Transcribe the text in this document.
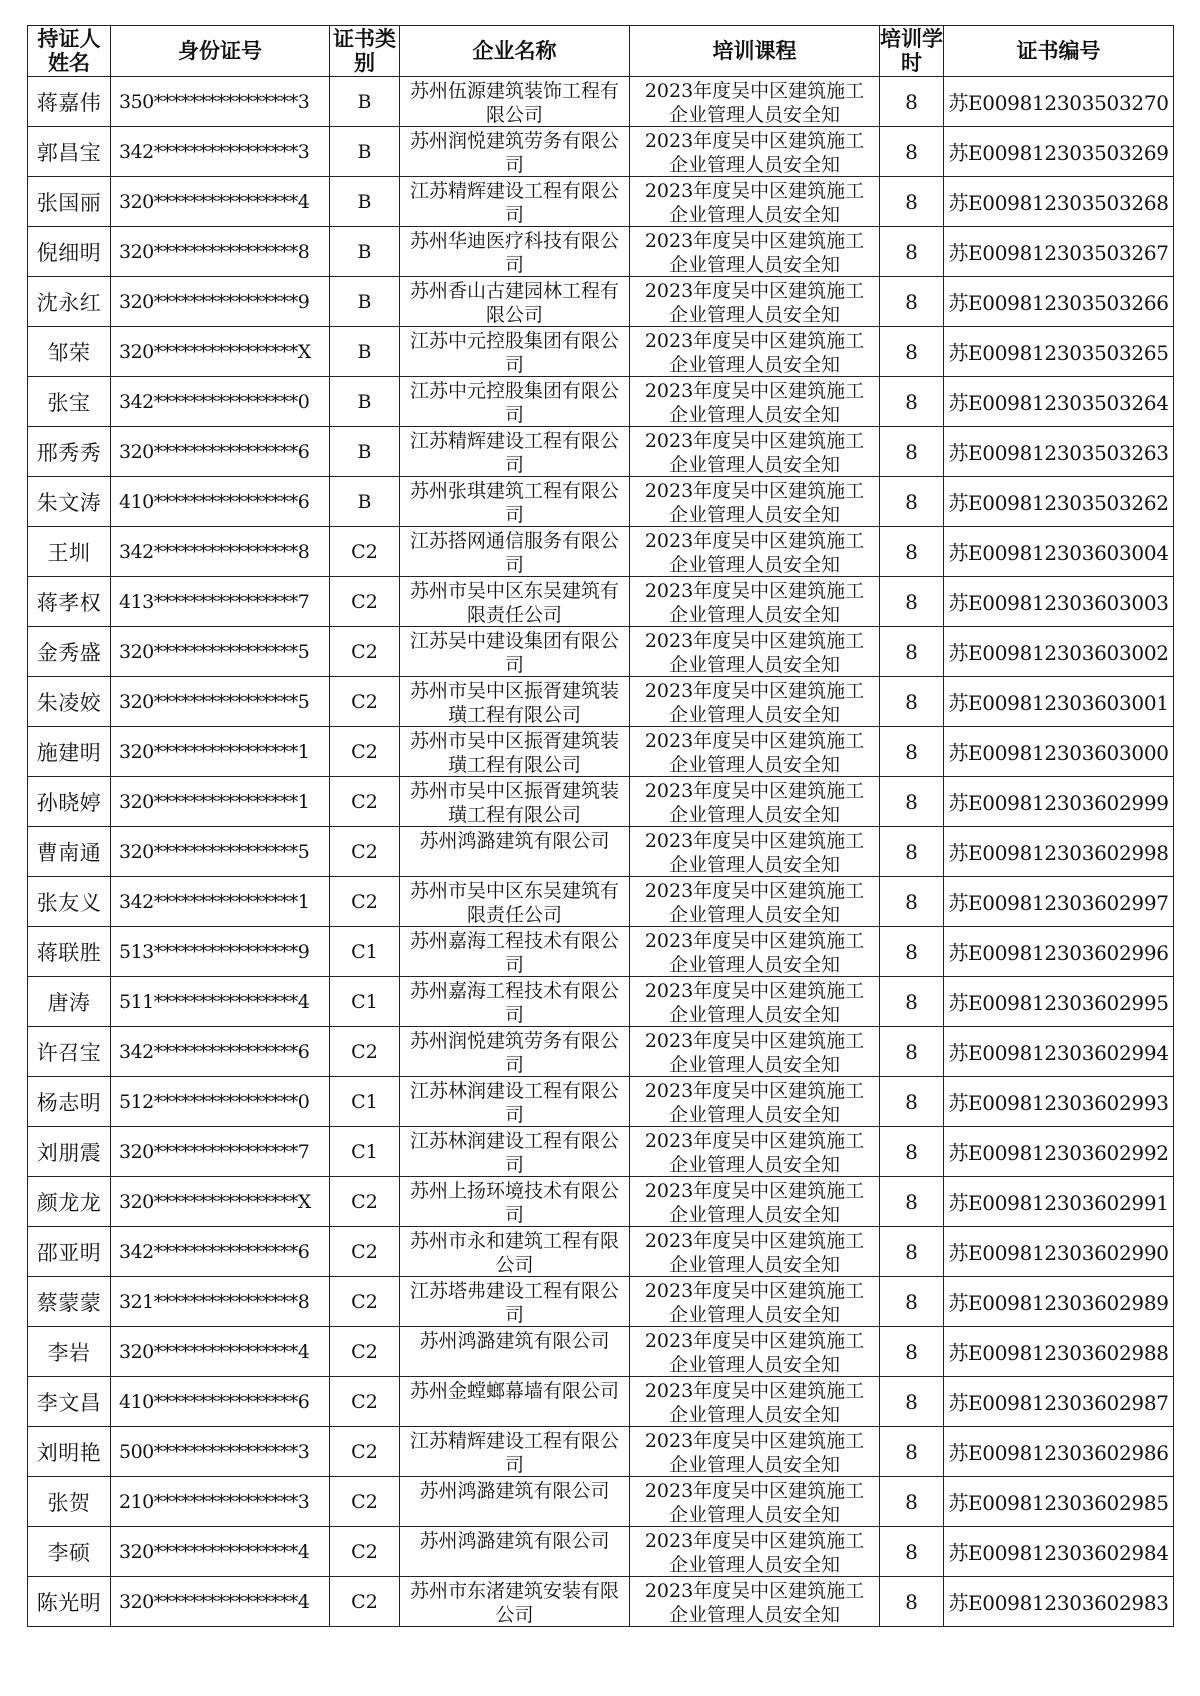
持证人姓名	身份证号	证书类别	企业名称	培训课程	培训学时	证书编号
蒋嘉伟	350****************3	B	苏州伍源建筑装饰工程有限公司	2023年度吴中区建筑施工企业管理人员安全知	8	苏E009812303503270
郭昌宝	342****************3	B	苏州润悦建筑劳务有限公司	2023年度吴中区建筑施工企业管理人员安全知	8	苏E009812303503269
张国丽	320****************4	B	江苏精辉建设工程有限公司	2023年度吴中区建筑施工企业管理人员安全知	8	苏E009812303503268
倪细明	320****************8	B	苏州华迪医疗科技有限公司	2023年度吴中区建筑施工企业管理人员安全知	8	苏E009812303503267
沈永红	320****************9	B	苏州香山古建园林工程有限公司	2023年度吴中区建筑施工企业管理人员安全知	8	苏E009812303503266
邹荣	320****************X	B	江苏中元控股集团有限公司	2023年度吴中区建筑施工企业管理人员安全知	8	苏E009812303503265
张宝	342****************0	B	江苏中元控股集团有限公司	2023年度吴中区建筑施工企业管理人员安全知	8	苏E009812303503264
邢秀秀	320****************6	B	江苏精辉建设工程有限公司	2023年度吴中区建筑施工企业管理人员安全知	8	苏E009812303503263
朱文涛	410****************6	B	苏州张琪建筑工程有限公司	2023年度吴中区建筑施工企业管理人员安全知	8	苏E009812303503262
王圳	342****************8	C2	江苏搭网通信服务有限公司	2023年度吴中区建筑施工企业管理人员安全知	8	苏E009812303603004
蒋孝权	413****************7	C2	苏州市吴中区东吴建筑有限责任公司	2023年度吴中区建筑施工企业管理人员安全知	8	苏E009812303603003
金秀盛	320****************5	C2	江苏吴中建设集团有限公司	2023年度吴中区建筑施工企业管理人员安全知	8	苏E009812303603002
朱凌姣	320****************5	C2	苏州市吴中区振胥建筑装璜工程有限公司	2023年度吴中区建筑施工企业管理人员安全知	8	苏E009812303603001
施建明	320****************1	C2	苏州市吴中区振胥建筑装璜工程有限公司	2023年度吴中区建筑施工企业管理人员安全知	8	苏E009812303603000
孙晓婷	320****************1	C2	苏州市吴中区振胥建筑装璜工程有限公司	2023年度吴中区建筑施工企业管理人员安全知	8	苏E009812303602999
曹南通	320****************5	C2	苏州鸿潞建筑有限公司	2023年度吴中区建筑施工企业管理人员安全知	8	苏E009812303602998
张友义	342****************1	C2	苏州市吴中区东吴建筑有限责任公司	2023年度吴中区建筑施工企业管理人员安全知	8	苏E009812303602997
蒋联胜	513****************9	C1	苏州嘉海工程技术有限公司	2023年度吴中区建筑施工企业管理人员安全知	8	苏E009812303602996
唐涛	511****************4	C1	苏州嘉海工程技术有限公司	2023年度吴中区建筑施工企业管理人员安全知	8	苏E009812303602995
许召宝	342****************6	C2	苏州润悦建筑劳务有限公司	2023年度吴中区建筑施工企业管理人员安全知	8	苏E009812303602994
杨志明	512****************0	C1	江苏林润建设工程有限公司	2023年度吴中区建筑施工企业管理人员安全知	8	苏E009812303602993
刘朋震	320****************7	C1	江苏林润建设工程有限公司	2023年度吴中区建筑施工企业管理人员安全知	8	苏E009812303602992
颜龙龙	320****************X	C2	苏州上扬环境技术有限公司	2023年度吴中区建筑施工企业管理人员安全知	8	苏E009812303602991
邵亚明	342****************6	C2	苏州市永和建筑工程有限公司	2023年度吴中区建筑施工企业管理人员安全知	8	苏E009812303602990
蔡蒙蒙	321****************8	C2	江苏塔弗建设工程有限公司	2023年度吴中区建筑施工企业管理人员安全知	8	苏E009812303602989
李岩	320****************4	C2	苏州鸿潞建筑有限公司	2023年度吴中区建筑施工企业管理人员安全知	8	苏E009812303602988
李文昌	410****************6	C2	苏州金螳螂幕墙有限公司	2023年度吴中区建筑施工企业管理人员安全知	8	苏E009812303602987
刘明艳	500****************3	C2	江苏精辉建设工程有限公司	2023年度吴中区建筑施工企业管理人员安全知	8	苏E009812303602986
张贺	210****************3	C2	苏州鸿潞建筑有限公司	2023年度吴中区建筑施工企业管理人员安全知	8	苏E009812303602985
李硕	320****************4	C2	苏州鸿潞建筑有限公司	2023年度吴中区建筑施工企业管理人员安全知	8	苏E009812303602984
陈光明	320****************4	C2	苏州市东渚建筑安装有限公司	2023年度吴中区建筑施工企业管理人员安全知	8	苏E009812303602983
